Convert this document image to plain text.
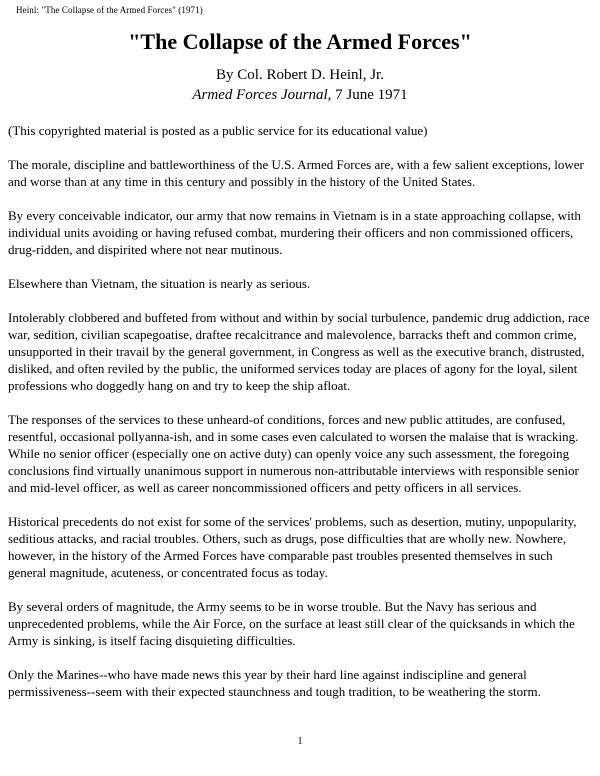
Heinl: "The Collapse of the Armed Forces" (1971)
"The Collapse of the Armed Forces"
By Col. Robert D. Heinl, Jr.
Armed Forces Journal, 7 June 1971

(This copyrighted material is posted as a public service for its educational value)

The morale, discipline and battleworthiness of the U.S. Armed Forces are, with a few salient exceptions, lower and worse than at any time in this century and possibly in the history of the United States.

By every conceivable indicator, our army that now remains in Vietnam is in a state approaching collapse, with individual units avoiding or having refused combat, murdering their officers and non commissioned officers, drug-ridden, and dispirited where not near mutinous.

Elsewhere than Vietnam, the situation is nearly as serious.

Intolerably clobbered and buffeted from without and within by social turbulence, pandemic drug addiction, race war, sedition, civilian scapegoatise, draftee recalcitrance and malevolence, barracks theft and common crime, unsupported in their travail by the general government, in Congress as well as the executive branch, distrusted, disliked, and often reviled by the public, the uniformed services today are places of agony for the loyal, silent professions who doggedly hang on and try to keep the ship afloat.

The responses of the services to these unheard-of conditions, forces and new public attitudes, are confused, resentful, occasional pollyanna-ish, and in some cases even calculated to worsen the malaise that is wracking. While no senior officer (especially one on active duty) can openly voice any such assessment, the foregoing conclusions find virtually unanimous support in numerous non-attributable interviews with responsible senior and mid-level officer, as well as career noncommissioned officers and petty officers in all services.

Historical precedents do not exist for some of the services' problems, such as desertion, mutiny, unpopularity, seditious attacks, and racial troubles. Others, such as drugs, pose difficulties that are wholly new. Nowhere, however, in the history of the Armed Forces have comparable past troubles presented themselves in such general magnitude, acuteness, or concentrated focus as today.

By several orders of magnitude, the Army seems to be in worse trouble. But the Navy has serious and unprecedented problems, while the Air Force, on the surface at least still clear of the quicksands in which the Army is sinking, is itself facing disquieting difficulties.

Only the Marines--who have made news this year by their hard line against indiscipline and general permissiveness--seem with their expected staunchness and tough tradition, to be weathering the storm.

1
